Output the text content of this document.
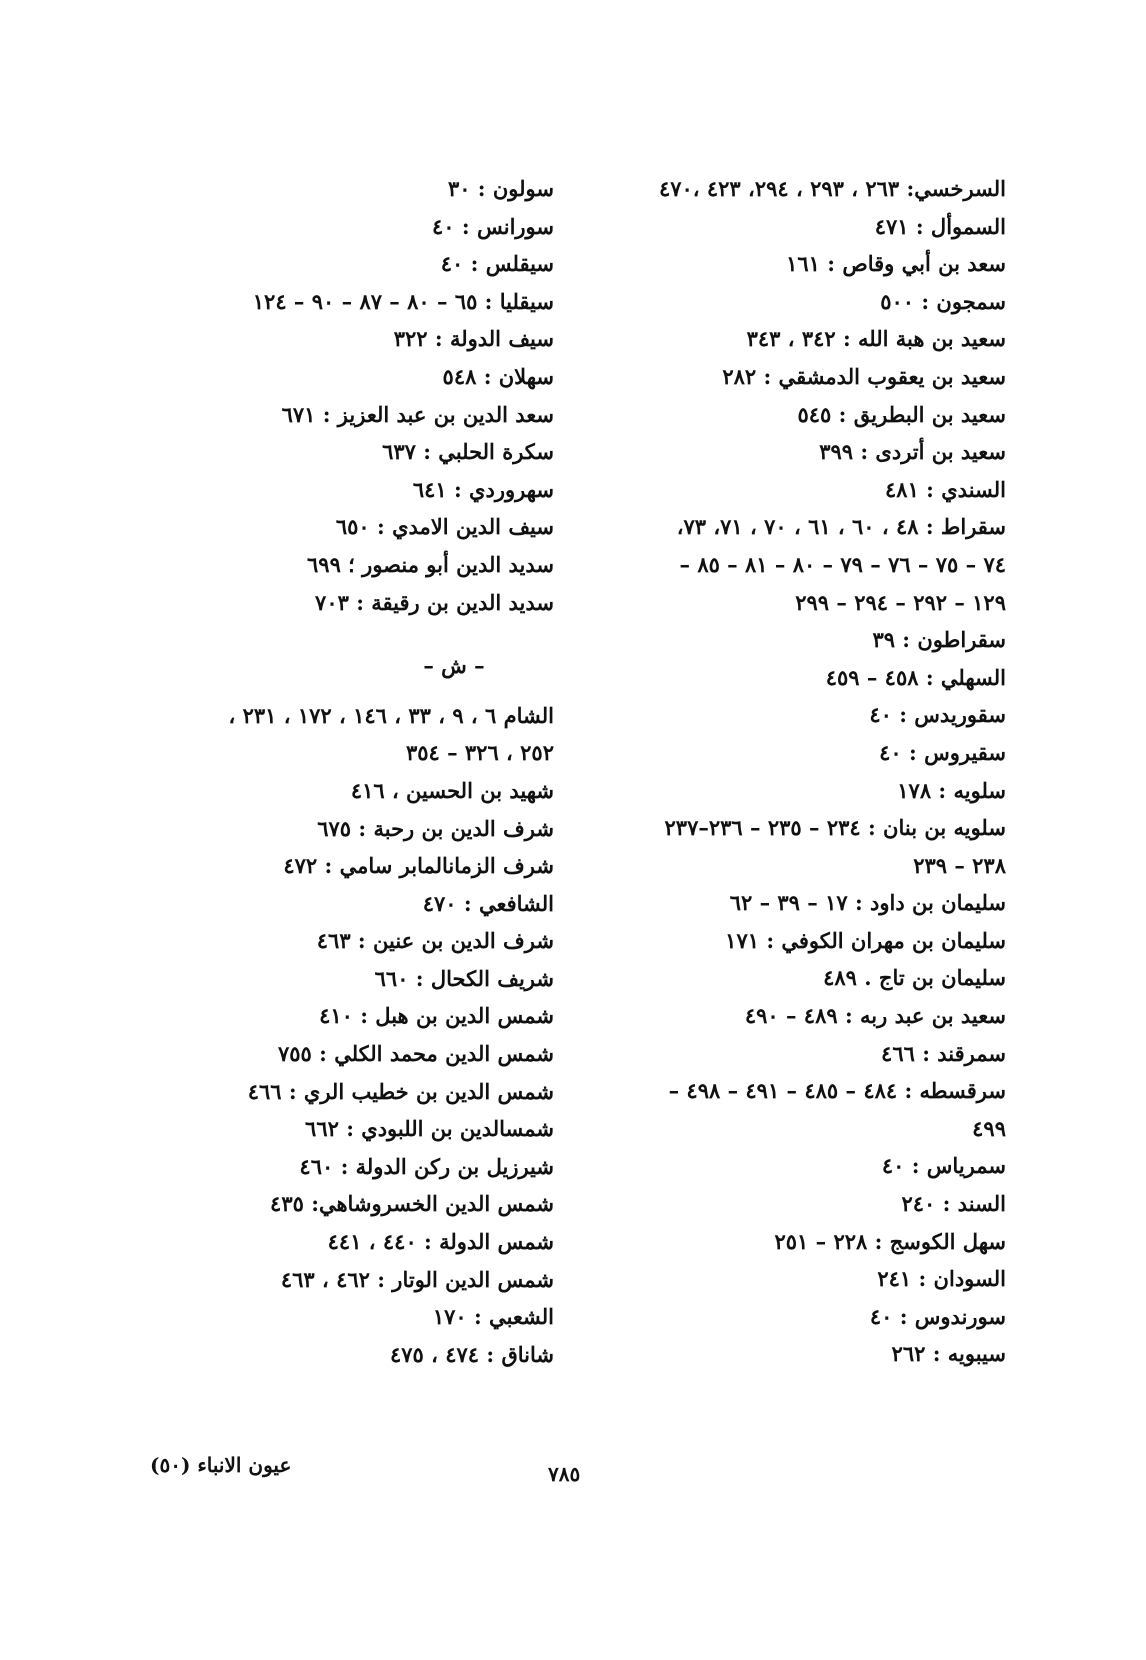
السرخسي: ٢٦٣ ، ٢٩٣ ، ٢٩٤، ٤٢٣ ،٤٧٠

السموأل : ٤٧١

سعد بن أبي وقاص : ١٦١

سمجون : ٥٠٠

سعيد بن هبة الله : ٣٤٢ ، ٣٤٣

سعيد بن يعقوب الدمشقي : ٢٨٢

سعيد بن البطريق : ٥٤٥

سعيد بن أتردى : ٣٩٩

السندي : ٤٨١

سقراط : ٤٨ ، ٦٠ ، ٦١ ، ٧٠ ، ٧١، ٧٣،

٧٤ – ٧٥ – ٧٦ – ٧٩ – ٨٠ – ٨١ – ٨٥ –

١٢٩ – ٢٩٢ – ٢٩٤ – ٢٩٩

سقراطون : ٣٩

السهلي : ٤٥٨ – ٤٥٩

سقوريدس : ٤٠

سقيروس : ٤٠

سلويه : ١٧٨

سلويه بن بنان : ٢٣٤ – ٢٣٥ – ٢٣٦–٢٣٧

٢٣٨ – ٢٣٩

سليمان بن داود : ١٧ – ٣٩ – ٦٢

سليمان بن مهران الكوفي : ١٧١

سليمان بن تاج . ٤٨٩

سعيد بن عبد ربه : ٤٨٩ – ٤٩٠

سمرقند : ٤٦٦

سرقسطه : ٤٨٤ – ٤٨٥ – ٤٩١ – ٤٩٨ –

٤٩٩

سمرياس : ٤٠

السند : ٢٤٠

سهل الكوسج : ٢٢٨ – ٢٥١

السودان : ٢٤١

سورندوس : ٤٠

سيبويه : ٢٦٢

سولون : ٣٠

سورانس : ٤٠

سيقلس : ٤٠

سيقليا : ٦٥ – ٨٠ – ٨٧ – ٩٠ – ١٢٤

سيف الدولة : ٣٢٢

سهلان : ٥٤٨

سعد الدين بن عبد العزيز : ٦٧١

سكرة الحلبي : ٦٣٧

سهروردي : ٦٤١

سيف الدين الامدي : ٦٥٠

سديد الدين أبو منصور ؛ ٦٩٩

سديد الدين بن رقيقة : ٧٠٣

– ش –

الشام ٦ ، ٩ ، ٣٣ ، ١٤٦ ، ١٧٢ ، ٢٣١ ،

٢٥٢ ، ٣٢٦ – ٣٥٤

شهيد بن الحسين ، ٤١٦

شرف الدين بن رحبة : ٦٧٥

شرف الزمانالمابر سامي : ٤٧٢

الشافعي : ٤٧٠

شرف الدين بن عنين : ٤٦٣

شريف الكحال : ٦٦٠

شمس الدين بن هبل : ٤١٠

شمس الدين محمد الكلي : ٧٥٥

شمس الدين بن خطيب الري : ٤٦٦

شمسالدين بن اللبودي : ٦٦٢

شيرزيل بن ركن الدولة : ٤٦٠

شمس الدين الخسروشاهي: ٤٣٥

شمس الدولة : ٤٤٠ ، ٤٤١

شمس الدين الوتار : ٤٦٢ ، ٤٦٣

الشعبي : ١٧٠

شاناق : ٤٧٤ ، ٤٧٥

عيون الانباء (٥٠)	٧٨٥
